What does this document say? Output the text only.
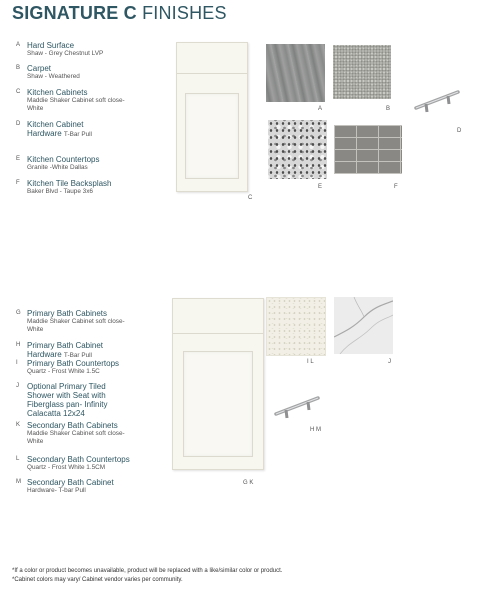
SIGNATURE C FINISHES
A Hard Surface
Shaw - Grey Chestnut LVP
B Carpet
Shaw - Weathered
C Kitchen Cabinets
Maddie Shaker Cabinet soft close- White
D Kitchen Cabinet Hardware T-Bar Pull
E Kitchen Countertops
Granite -White Dallas
F Kitchen Tile Backsplash
Baker Blvd - Taupe 3x6
C
A	B
D
E	F
G Primary Bath Cabinets
Maddie Shaker Cabinet soft close- White
H Primary Bath Cabinet Hardware T-Bar Pull
I Primary Bath Countertops
Quartz - Frost White 1.5C
J Optional Primary Tiled Shower with Seat with Fiberglass pan- Infinity Calacatta 12x24
K Secondary Bath Cabinets
Maddie Shaker Cabinet soft close- White
L Secondary Bath Countertops
Quartz - Frost White 1.5CM
M Secondary Bath Cabinet
Hardware- T-bar Pull
G K
I L	J
H M
*If a color or product becomes unavailable, product will be replaced with a like/similar color or product.
*Cabinet colors may vary/ Cabinet vendor varies per community.
